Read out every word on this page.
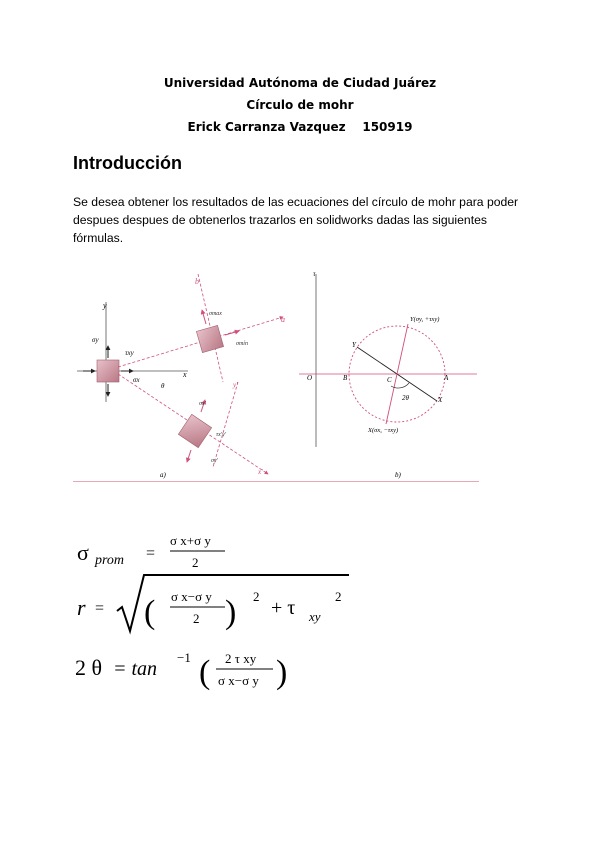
Universidad Autónoma de Ciudad Juárez
Círculo de mohr
Erick Carranza Vazquez    150919
Introducción
Se desea obtener los resultados de las ecuaciones del círculo de mohr para poder despues despues de obtenerlos trazarlos en solidworks dadas las siguientes fórmulas.
y
x
σy
τxy
σx
a
b
σmax
σmín
x'
y'
θ
σx'
τx'y'
σy'
a)
τ
O
Y
X
B	A
C
2θ
Y(σy, +τxy)
X(σx, −τxy)
b)
σ prom =
σ x+σ y
2
r = ( σ x−σ y
2 ) 2
+ τ xy
2
2 θ = tan
−1 ( 2 τ xy
σ x−σ y )
